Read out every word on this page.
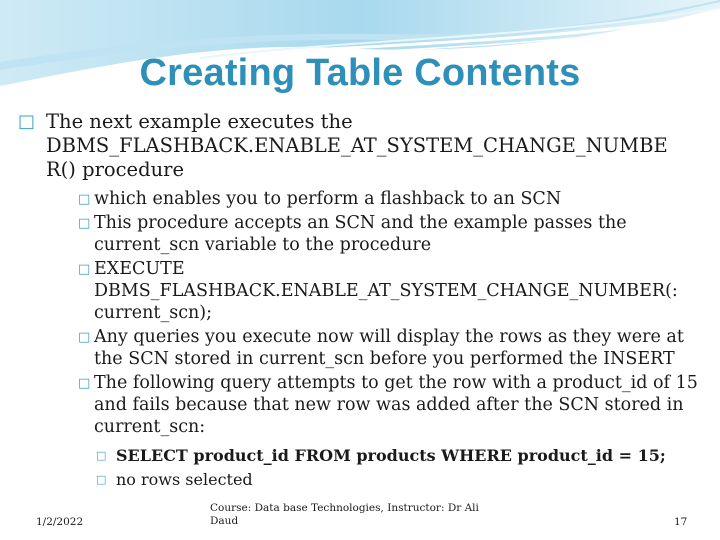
Creating Table Contents

□ The next example executes the DBMS_FLASHBACK.ENABLE_AT_SYSTEM_CHANGE_NUMBE R() procedure

□ which enables you to perform a flashback to an SCN

□ This procedure accepts an SCN and the example passes the current_scn variable to the procedure

□ EXECUTE DBMS_FLASHBACK.ENABLE_AT_SYSTEM_CHANGE_NUMBER(: current_scn);

□ Any queries you execute now will display the rows as they were at the SCN stored in current_scn before you performed the INSERT

□ The following query attempts to get the row with a product_id of 15 and fails because that new row was added after the SCN stored in current_scn:

□ SELECT product_id FROM products WHERE product_id = 15;

□ no rows selected

1/2/2022
Course: Data base Technologies, Instructor: Dr Ali Daud	17
